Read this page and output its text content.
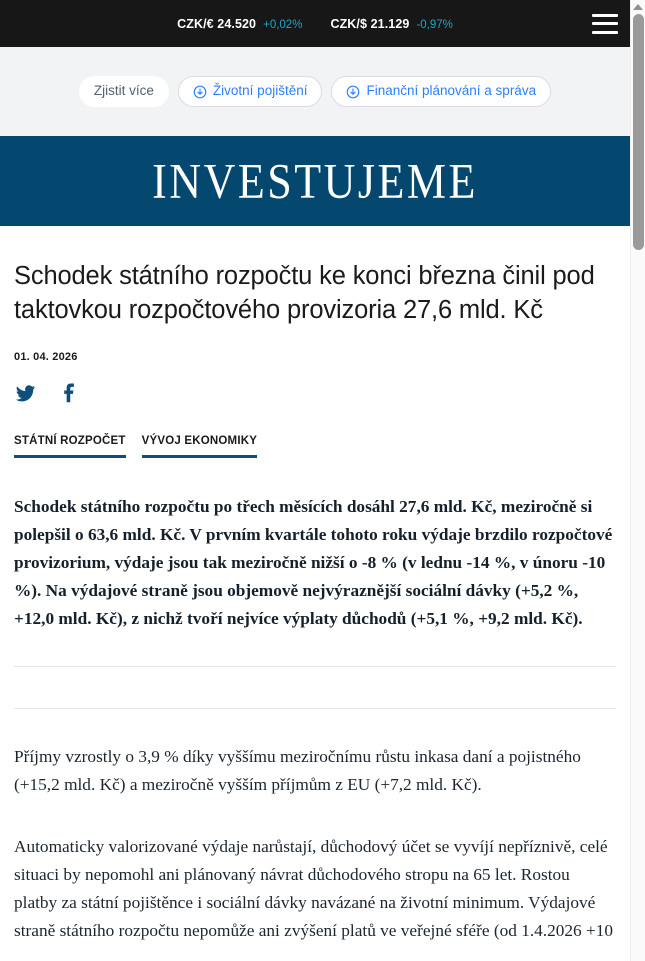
CZK/€ 24.520 +0,02% CZK/$ 21.129 -0,97%
Zjistit více	Životní pojištění	Finanční plánování a správa
INVESTUJEME
Schodek státního rozpočtu ke konci března činil pod taktovkou rozpočtového provizoria 27,6 mld. Kč
01. 04. 2026
STÁTNÍ ROZPOČET VÝVOJ EKONOMIKY

Schodek státního rozpočtu po třech měsících dosáhl 27,6 mld. Kč, meziročně si polepšil o 63,6 mld. Kč. V prvním kvartále tohoto roku výdaje brzdilo rozpočtové provizorium, výdaje jsou tak meziročně nižší o -8 % (v lednu -14 %, v únoru -10 %). Na výdajové straně jsou objemově nejvýraznější sociální dávky (+5,2 %, +12,0 mld. Kč), z nichž tvoří nejvíce výplaty důchodů (+5,1 %, +9,2 mld. Kč).

Příjmy vzrostly o 3,9 % díky vyššímu meziročnímu růstu inkasa daní a pojistného (+15,2 mld. Kč) a meziročně vyšším příjmům z EU (+7,2 mld. Kč).

Automaticky valorizované výdaje narůstají, důchodový účet se vyvíjí nepříznivě, celé situaci by nepomohl ani plánovaný návrat důchodového stropu na 65 let. Rostou platby za státní pojištěnce i sociální dávky navázané na životní minimum. Výdajové straně státního rozpočtu nepomůže ani zvýšení platů ve veřejné sféře (od 1.4.2026 +10
